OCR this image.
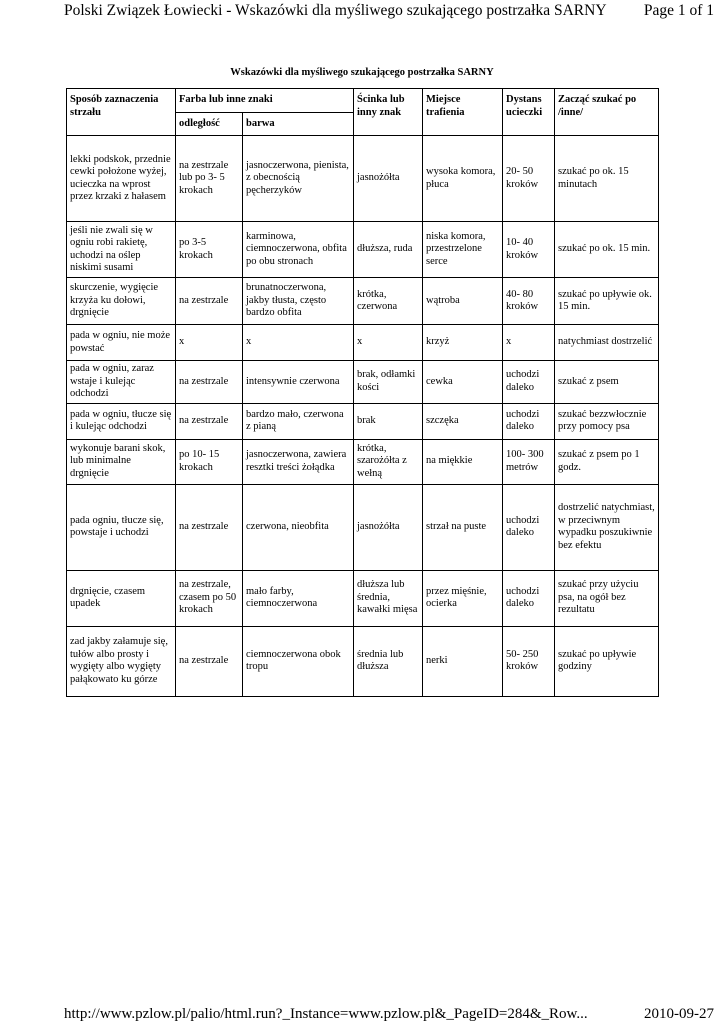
Polski Związek Łowiecki - Wskazówki dla myśliwego szukającego postrzałka SARNY Page 1 of 1
Wskazówki dla myśliwego szukającego postrzałka SARNY
Sposób zaznaczenia strzału	Farba lub inne znaki		Ścinka lub inny znak	Miejsce trafienia	Dystans ucieczki	Zacząć szukać po /inne/
	odległość	barwa				
lekki podskok, przednie cewki położone wyżej, ucieczka na wprost przez krzaki z hałasem	na zestrzale lub po 3- 5 krokach	jasnoczerwona, pienista, z obecnością pęcherzyków	jasnożółta	wysoka komora, płuca	20- 50 kroków	szukać po ok. 15 minutach
jeśli nie zwali się w ogniu robi rakietę, uchodzi na oślep niskimi susami	po 3-5 krokach	karminowa, ciemnoczerwona, obfita po obu stronach	dłuższa, ruda	niska komora, przestrzelone serce	10- 40 kroków	szukać po ok. 15 min.
skurczenie, wygięcie krzyża ku dołowi, drgnięcie	na zestrzale	brunatnoczerwona, jakby tłusta, często bardzo obfita	krótka, czerwona	wątroba	40- 80 kroków	szukać po upływie ok. 15 min.
pada w ogniu, nie może powstać	x	x	x	krzyż	x	natychmiast dostrzelić
pada w ogniu, zaraz wstaje i kulejąc odchodzi	na zestrzale	intensywnie czerwona	brak, odłamki kości	cewka	uchodzi daleko	szukać z psem
pada w ogniu, tłucze się i kulejąc odchodzi	na zestrzale	bardzo mało, czerwona z pianą	brak	szczęka	uchodzi daleko	szukać bezzwłocznie przy pomocy psa
wykonuje barani skok, lub minimalne drgnięcie	po 10- 15 krokach	jasnoczerwona, zawiera resztki treści żołądka	krótka, szarożółta z wełną	na miękkie	100- 300 metrów	szukać z psem po 1 godz.
pada ogniu, tłucze się, powstaje i uchodzi	na zestrzale	czerwona, nieobfita	jasnożółta	strzał na puste	uchodzi daleko	dostrzelić natychmiast, w przeciwnym wypadku poszukiwnie bez efektu
drgnięcie, czasem upadek	na zestrzale, czasem po 50 krokach	mało farby, ciemnoczerwona	dłuższa lub średnia, kawałki mięsa	przez mięśnie, ocierka	uchodzi daleko	szukać przy użyciu psa, na ogół bez rezultatu
zad jakby załamuje się, tułów albo prosty i wygięty albo wygięty pałąkowato ku górze	na zestrzale	ciemnoczerwona obok tropu	średnia lub dłuższa	nerki	50- 250 kroków	szukać po upływie godziny
http://www.pzlow.pl/palio/html.run?_Instance=www.pzlow.pl&_PageID=284&_Row...	2010-09-27
